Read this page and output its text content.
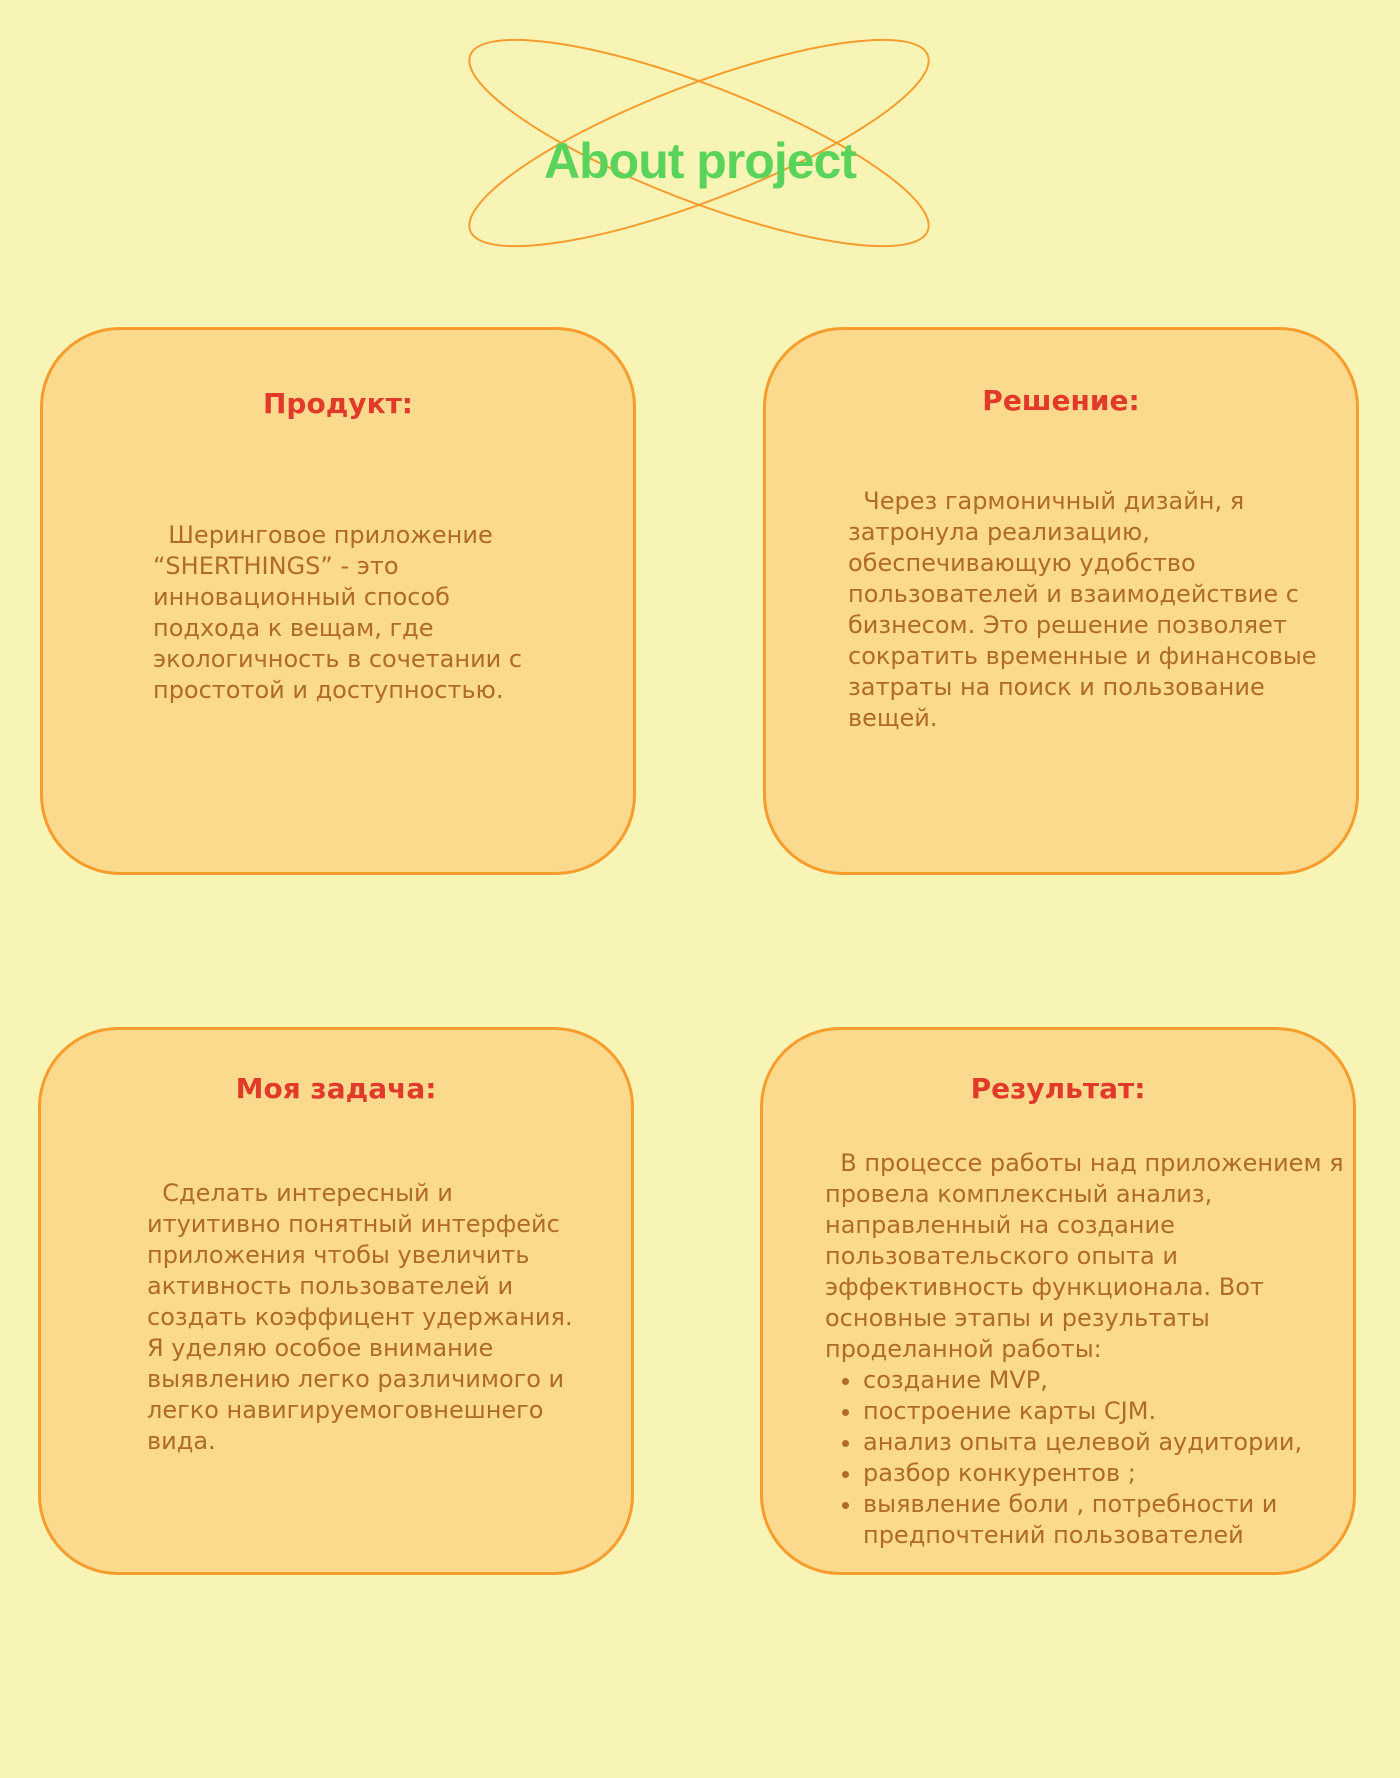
About project
Продукт:

Шеринговое приложение “SHERTHINGS” - это инновационный способ подхода к вещам, где экологичность в сочетании с простотой и доступностью.

Решение:

Через гармоничный дизайн, я затронула реализацию, обеспечивающую удобство пользователей и взаимодействие с бизнесом. Это решение позволяет сократить временные и финансовые затраты на поиск и пользование вещей.

Моя задача:

Сделать интересный и итуитивно понятный интерфейс приложения чтобы увеличить активность пользователей и создать коэффицент удержания. Я уделяю особое внимание выявлению легко различимого и легко навигируемоговнешнего вида.

Результат:

В процессе работы над приложением я провела комплексный анализ, направленный на создание пользовательского опыта и эффективность функционала. Вот основные этапы и результаты проделанной работы:

• создание MVP,
• построение карты CJM.
• анализ опыта целевой аудитории,
• разбор конкурентов ;
• выявление боли , потребности и предпочтений пользователей
